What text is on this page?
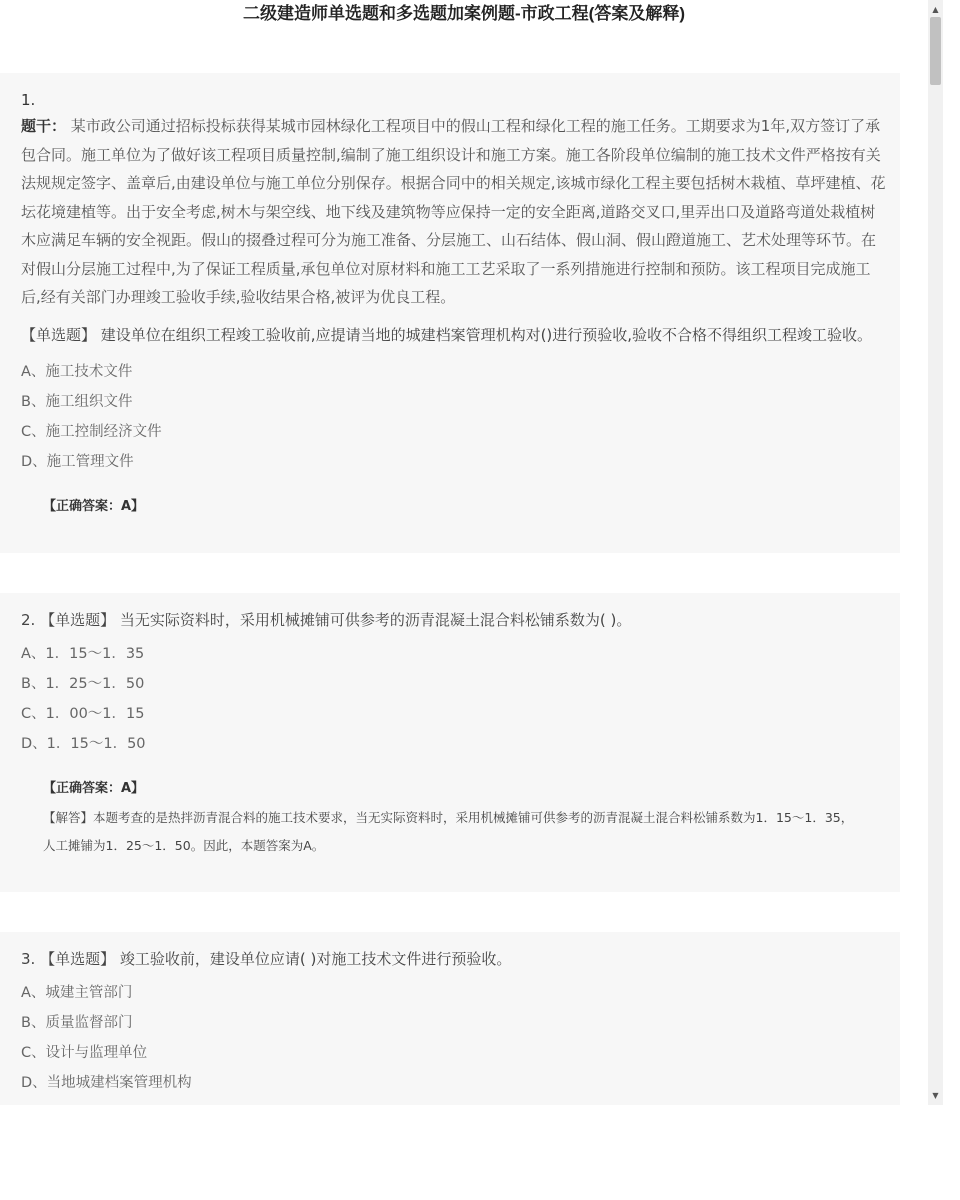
二级建造师单选题和多选题加案例题-市政工程(答案及解释)
1.
题干： 某市政公司通过招标投标获得某城市园林绿化工程项目中的假山工程和绿化工程的施工任务。工期要求为1年,双方签订了承包合同。施工单位为了做好该工程项目质量控制,编制了施工组织设计和施工方案。施工各阶段单位编制的施工技术文件严格按有关法规规定签字、盖章后,由建设单位与施工单位分别保存。根据合同中的相关规定,该城市绿化工程主要包括树木栽植、草坪建植、花坛花境建植等。出于安全考虑,树木与架空线、地下线及建筑物等应保持一定的安全距离,道路交叉口,里弄出口及道路弯道处栽植树木应满足车辆的安全视距。假山的掇叠过程可分为施工准备、分层施工、山石结体、假山洞、假山蹬道施工、艺术处理等环节。在对假山分层施工过程中,为了保证工程质量,承包单位对原材料和施工工艺采取了一系列措施进行控制和预防。该工程项目完成施工后,经有关部门办理竣工验收手续,验收结果合格,被评为优良工程。
【单选题】 建设单位在组织工程竣工验收前,应提请当地的城建档案管理机构对()进行预验收,验收不合格不得组织工程竣工验收。
A、施工技术文件
B、施工组织文件
C、施工控制经济文件
D、施工管理文件
【正确答案：A】
2. 【单选题】 当无实际资料时，采用机械摊铺可供参考的沥青混凝土混合料松铺系数为( )。
A、1．15～1．35
B、1．25～1．50
C、1．00～1．15
D、1．15～1．50
【正确答案：A】
【解答】本题考查的是热拌沥青混合料的施工技术要求，当无实际资料时，采用机械摊铺可供参考的沥青混凝土混合料松铺系数为1．15～1．35，人工摊铺为1．25～1．50。因此，本题答案为A。
3. 【单选题】 竣工验收前，建设单位应请( )对施工技术文件进行预验收。
A、城建主管部门
B、质量监督部门
C、设计与监理单位
D、当地城建档案管理机构
▲
▼
